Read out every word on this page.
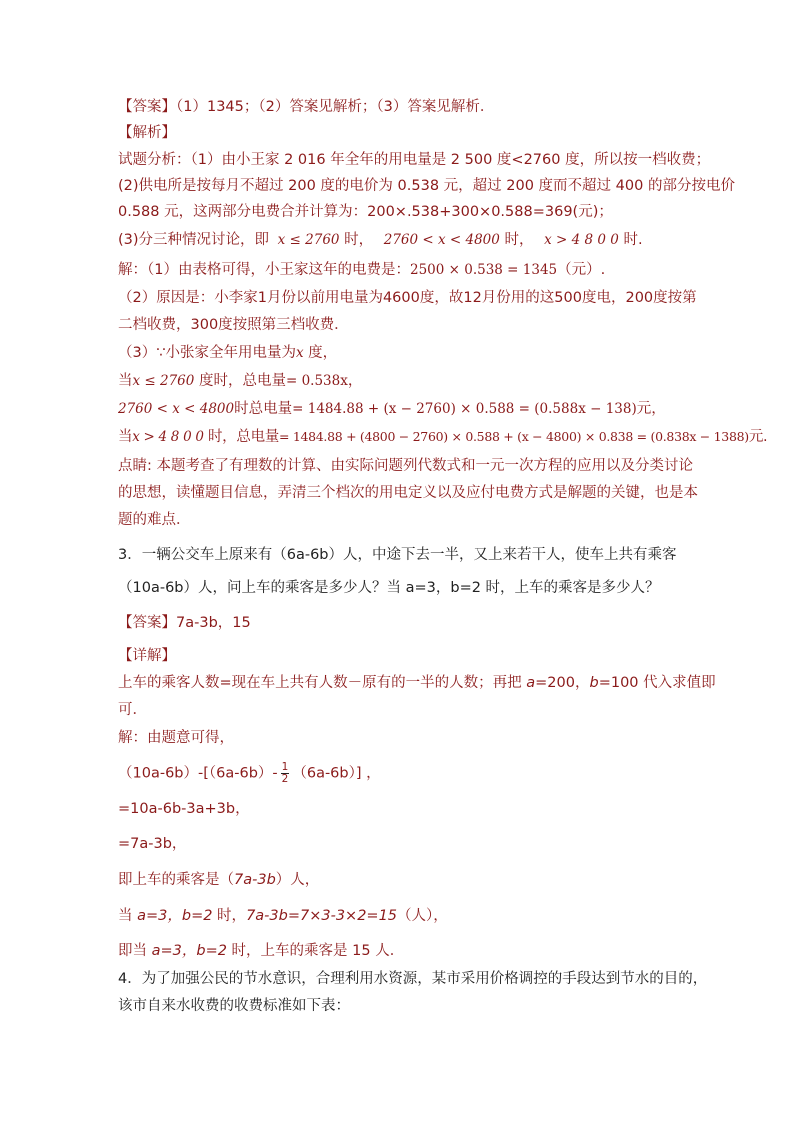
【答案】（1）1345；（2）答案见解析；（3）答案见解析．
【解析】
试题分析：（1）由小王家 2 016 年全年的用电量是 2 500 度<2760 度，所以按一档收费；
(2)供电所是按每月不超过 200 度的电价为 0.538 元，超过 200 度而不超过 400 的部分按电价
0.588 元，这两部分电费合并计算为：200×.538+300×0.588=369(元)；
(3)分三种情况讨论，即 x ≤ 2760 时， 2760 < x < 4800 时， x > 4 8 0 0 时.
解：（1）由表格可得，小王家这年的电费是：2500 × 0.538 = 1345（元）.
（2）原因是：小李家1月份以前用电量为4600度，故12月份用的这500度电，200度按第
二档收费，300度按照第三档收费．
（3）∵小张家全年用电量为x 度，
当x ≤ 2760 度时，总电量= 0.538x，
2760 < x < 4800时总电量= 1484.88 + (x − 2760) × 0.588 = (0.588x − 138)元，
当x > 4 8 0 0 时，总电量= 1484.88 + (4800 − 2760) × 0.588 + (x − 4800) × 0.838 = (0.838x − 1388)元.
点睛: 本题考查了有理数的计算、由实际问题列代数式和一元一次方程的应用以及分类讨论
的思想，读懂题目信息，弄清三个档次的用电定义以及应付电费方式是解题的关键，也是本
题的难点．
3．一辆公交车上原来有（6a-6b）人，中途下去一半，又上来若干人，使车上共有乘客
（10a-6b）人，问上车的乘客是多少人？当 a=3，b=2 时，上车的乘客是多少人？
【答案】7a-3b，15
【详解】
上车的乘客人数=现在车上共有人数－原有的一半的人数；再把 a=200，b=100 代入求值即
可．
解：由题意可得，
$(10a-6b)-[(6a-6b)- \frac{1}{2} (6a-6b)]$ ，
=10a-6b-3a+3b，
=7a-3b，
即上车的乘客是（7a-3b）人，
当 a=3，b=2 时，7a-3b=7×3-3×2=15（人），
即当 a=3，b=2 时，上车的乘客是 15 人．
4．为了加强公民的节水意识，合理利用水资源，某市采用价格调控的手段达到节水的目的，
该市自来水收费的收费标准如下表：
